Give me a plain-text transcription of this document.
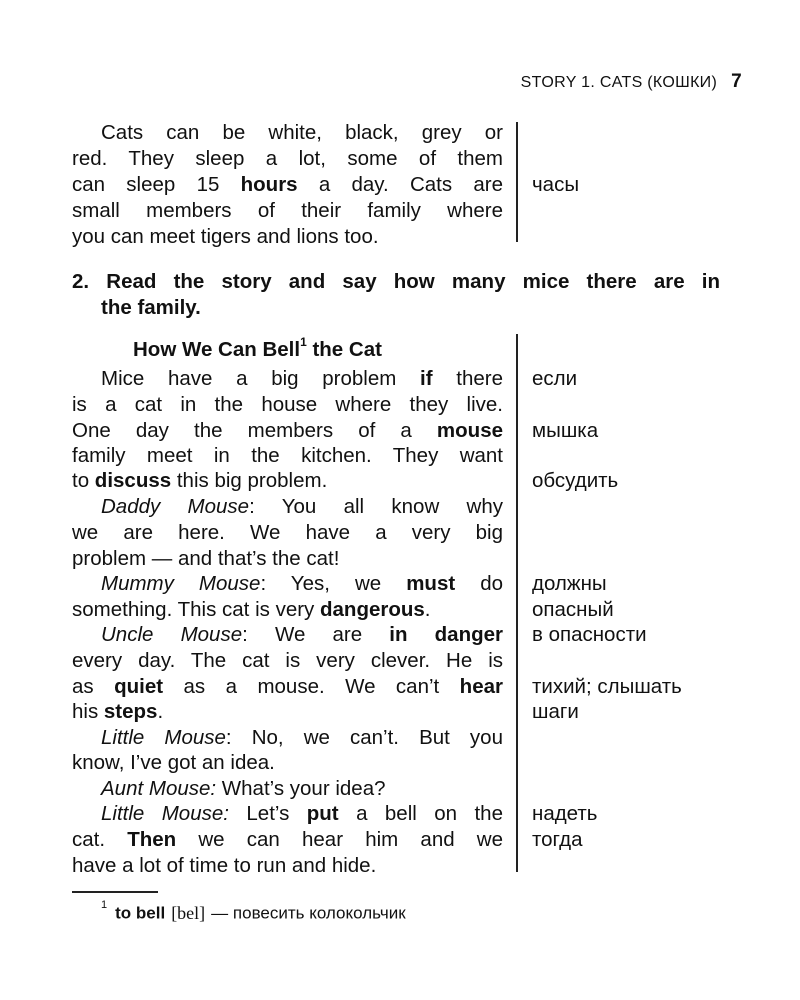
STORY 1. CATS (КОШКИ) 7
Cats can be white, black, grey or
red. They sleep a lot, some of them
can sleep 15 hours a day. Cats are
small members of their family where
you can meet tigers and lions too.
часы
2. Read the story and say how many mice there are in
the family.
How We Can Bell$^1$ the Cat
Mice have a big problem if there
is a cat in the house where they live.
One day the members of a mouse
family meet in the kitchen. They want
to discuss this big problem.
Daddy Mouse: You all know why
we are here. We have a very big
problem — and that’s the cat!
Mummy Mouse: Yes, we must do
something. This cat is very dangerous.
Uncle Mouse: We are in danger
every day. The cat is very clever. He is
as quiet as a mouse. We can’t hear
his steps.
Little Mouse: No, we can’t. But you
know, I’ve got an idea.
Aunt Mouse: What’s your idea?
Little Mouse: Let’s put a bell on the
cat. Then we can hear him and we
have a lot of time to run and hide.
если
мышка
обсудить
должны
опасный
в опасности
тихий; слышать
шаги
надеть
тогда
$^1$ to bell [bel] — повесить колокольчик
